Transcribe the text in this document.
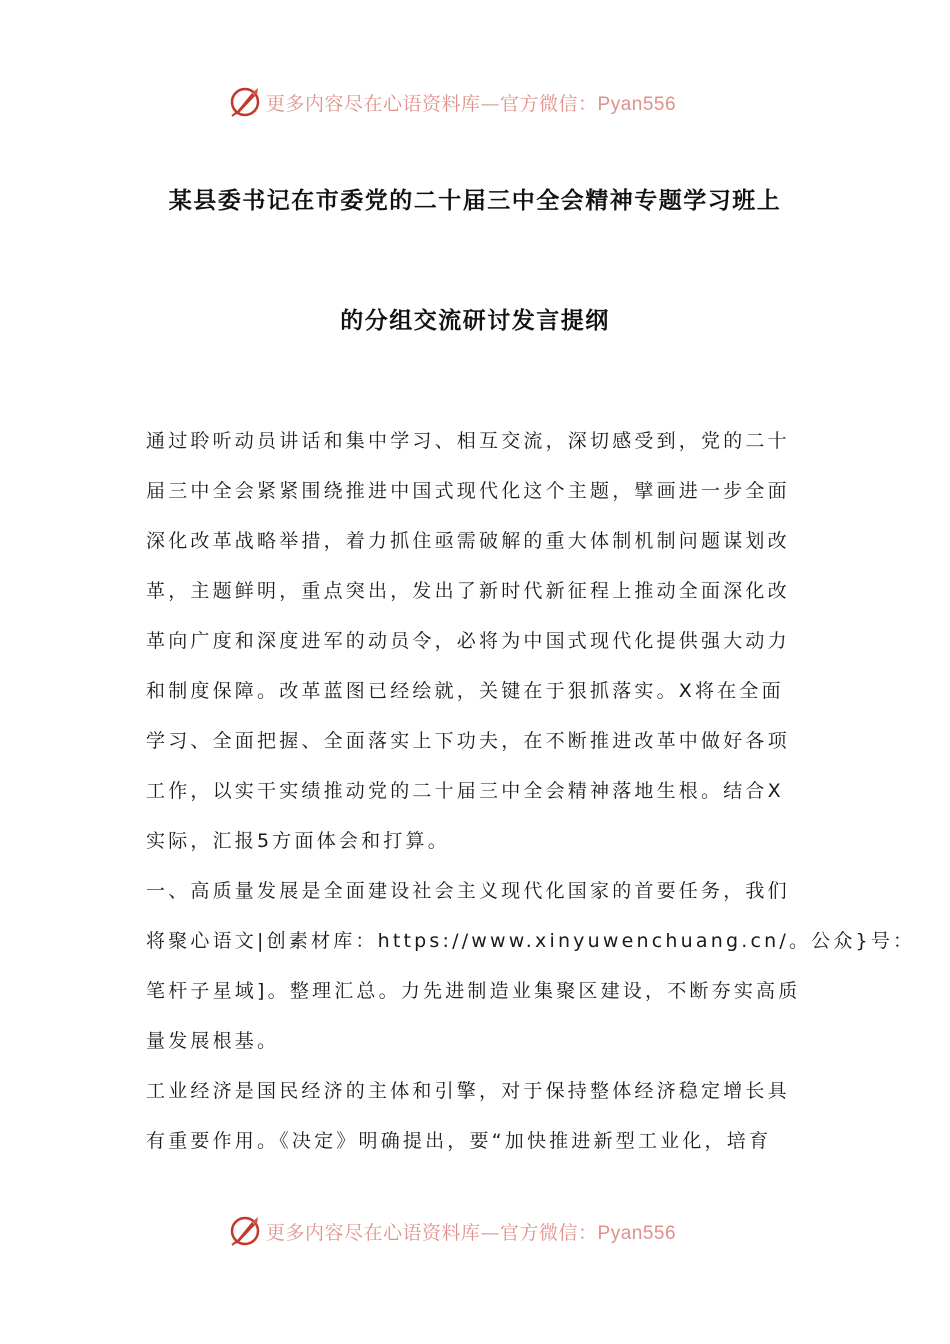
更多内容尽在心语资料库—官方微信：Pyan556
某县委书记在市委党的二十届三中全会精神专题学习班上
的分组交流研讨发言提纲
通过聆听动员讲话和集中学习、相互交流，深切感受到，党的二十
届三中全会紧紧围绕推进中国式现代化这个主题，擘画进一步全面
深化改革战略举措，着力抓住亟需破解的重大体制机制问题谋划改
革，主题鲜明，重点突出，发出了新时代新征程上推动全面深化改
革向广度和深度进军的动员令，必将为中国式现代化提供强大动力
和制度保障。改革蓝图已经绘就，关键在于狠抓落实。X将在全面
学习、全面把握、全面落实上下功夫，在不断推进改革中做好各项
工作，以实干实绩推动党的二十届三中全会精神落地生根。结合X
实际，汇报5方面体会和打算。
一、高质量发展是全面建设社会主义现代化国家的首要任务，我们
将聚心语文|创素材库：https://www.xinyuwenchuang.cn/。公众}号：
笔杆子星域]。整理汇总。力先进制造业集聚区建设，不断夯实高质
量发展根基。
工业经济是国民经济的主体和引擎，对于保持整体经济稳定增长具
有重要作用。《决定》明确提出，要“加快推进新型工业化，培育
更多内容尽在心语资料库—官方微信：Pyan556
